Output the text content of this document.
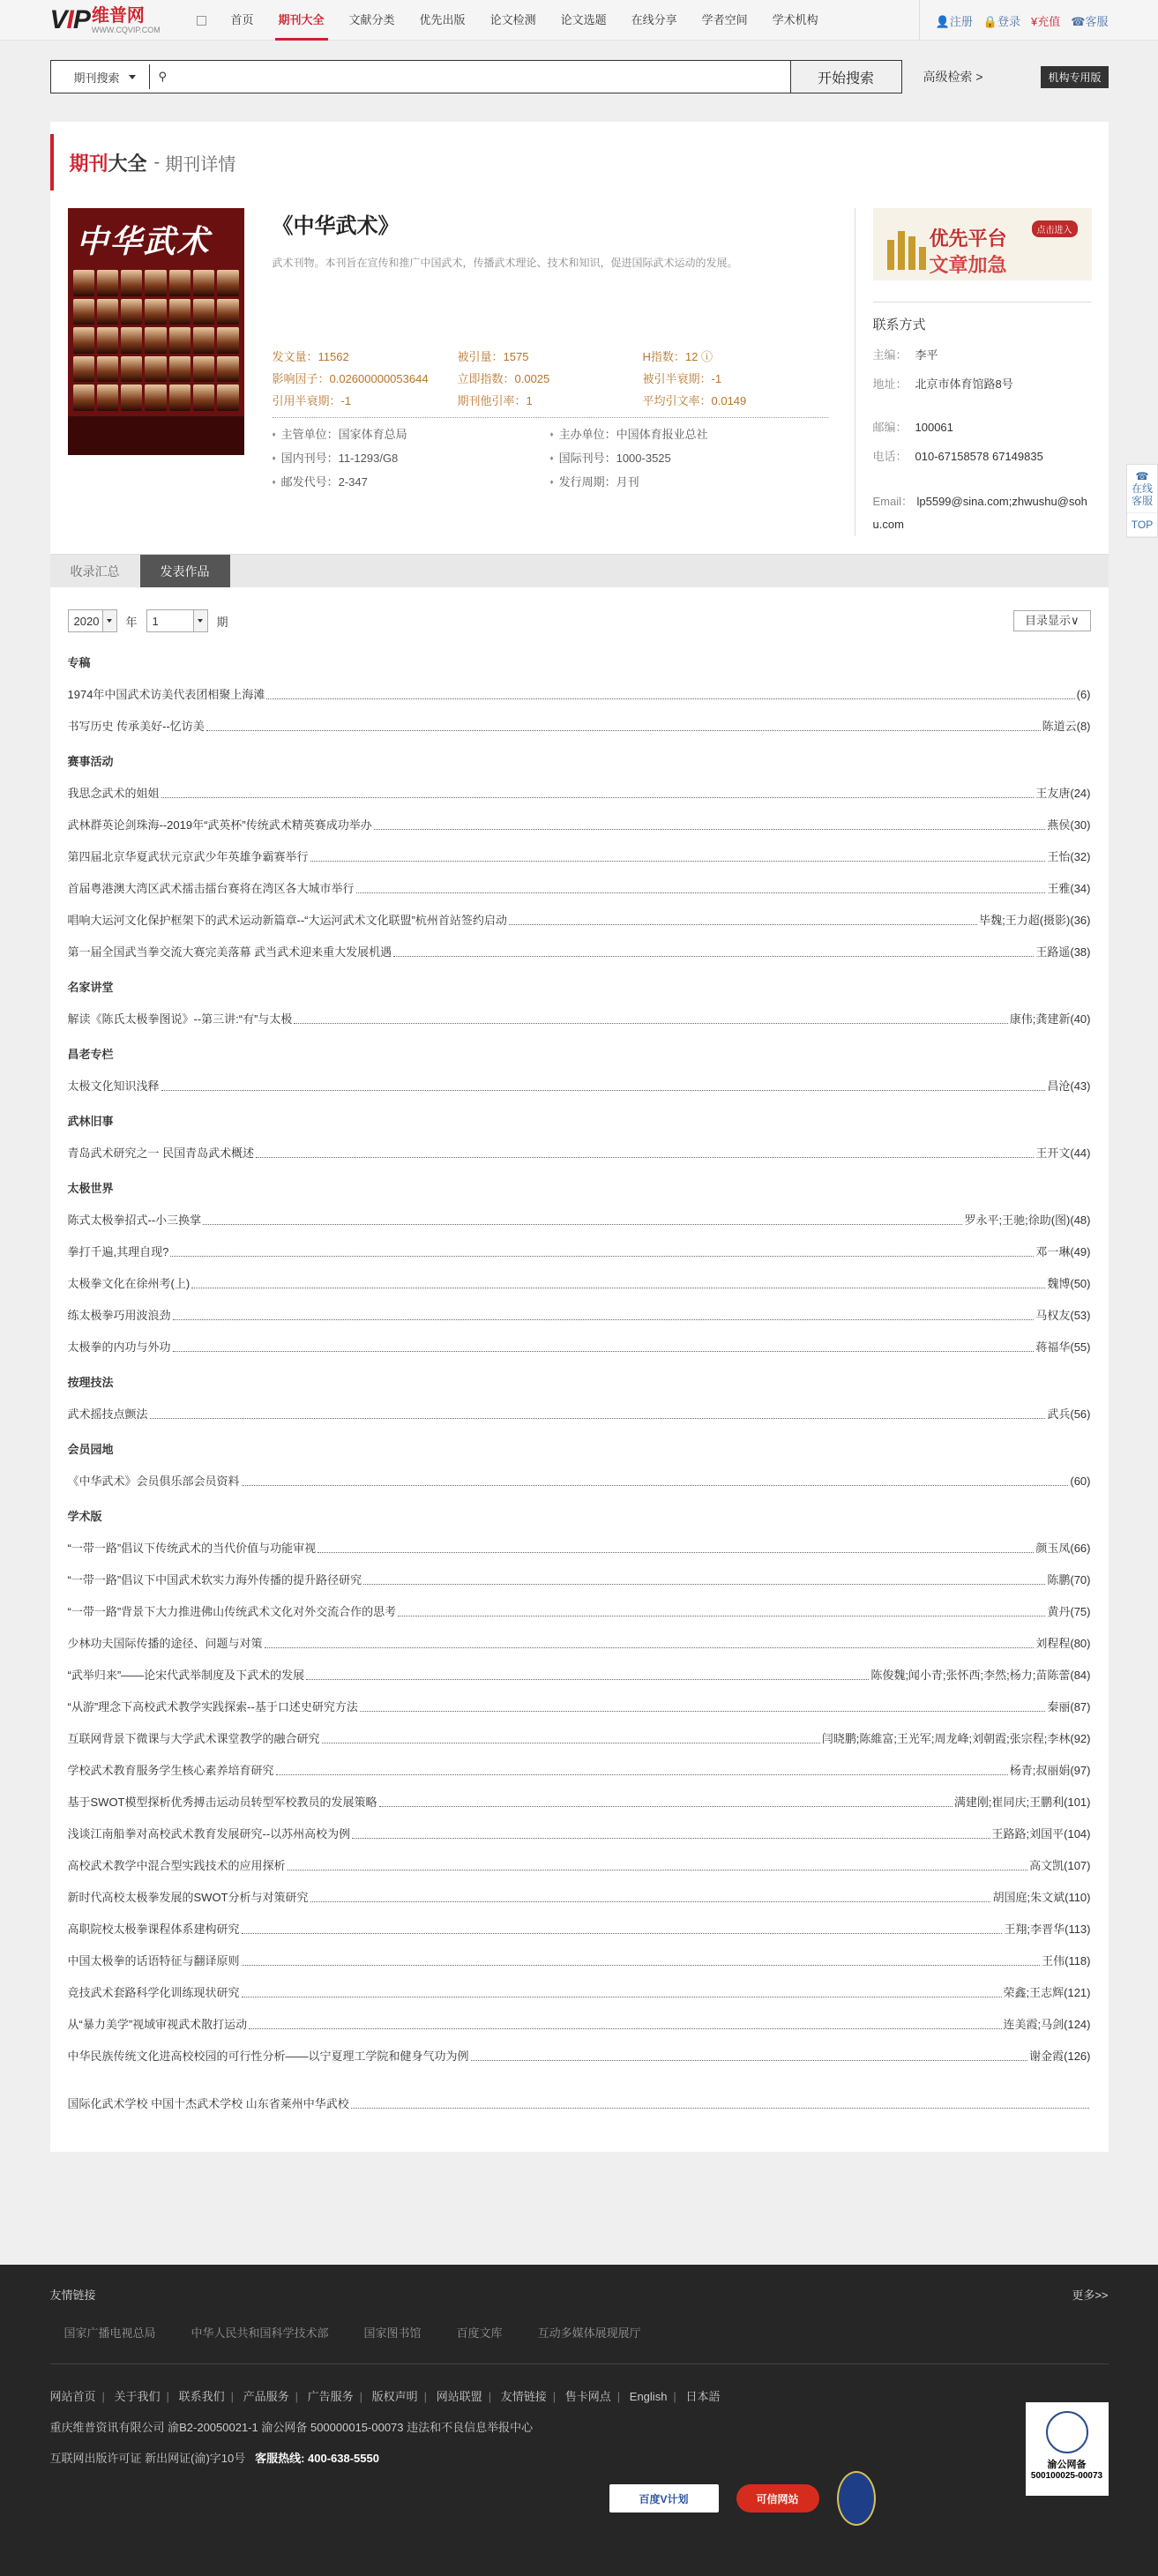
VIP 维普网
WWW.CQVIP.COM
首页	期刊大全	文献分类	优先出版	论文检测	论文选题	在线分享	学者空间	学术机构	👤注册 🔒登录 ¥充值 ☎客服
期刊搜索	⚲	开始搜索	高级检索 >	机构专用版
期刊 大全 - 期刊详情
中华武术	《中华武术》
武术刊物。本刊旨在宣传和推广中国武术，传播武术理论、技术和知识，促进国际武术运动的发展。
发文量：11562	被引量：1575	H指数：12 ⓘ
影响因子：0.02600000053644	立即指数：0.0025	被引半衰期：-1
引用半衰期：-1	期刊他引率：1	平均引文率：0.0149
♦ 主管单位：国家体育总局	♦ 主办单位：中国体育报业总社
♦ 国内刊号：11-1293/G8	♦ 国际刊号：1000-3525
♦ 邮发代号：2-347	♦ 发行周期：月刊
优先平台
文章加急
点击进入
联系方式
主编： 李平
地址： 北京市体育馆路8号
邮编： 100061
电话： 010-67158578 67149835
Email： lp5599@sina.com;zhwushu@sohu.com
收录汇总	发表作品
2020 年 1	期	目录显示∨
专稿
1974年中国武术访美代表团相聚上海滩	(6)
书写历史 传承美好--忆访美	陈道云 (8)
赛事活动
我思念武术的姐姐	王友唐 (24)
武林群英论剑珠海--2019年“武英杯”传统武术精英赛成功举办	燕侯 (30)
第四届北京华夏武状元京武少年英雄争霸赛举行	王怡 (32)
首届粤港澳大湾区武术擂击擂台赛将在湾区各大城市举行	王雅 (34)
唱响大运河文化保护框架下的武术运动新篇章--“大运河武术文化联盟”杭州首站签约启动	毕魏;王力超(摄影) (36)
第一届全国武当拳交流大赛完美落幕 武当武术迎来重大发展机遇	王路遥 (38)
名家讲堂
解读《陈氏太极拳图说》--第三讲:“有”与太极	康伟;龚建新 (40)
昌老专栏
太极文化知识浅释	昌沧 (43)
武林旧事
青岛武术研究之一 民国青岛武术概述	王开文 (44)
太极世界
陈式太极拳招式--小三换掌	罗永平;王驰;徐助(图) (48)
拳打千遍,其理自现?	邓一琳 (49)
太极拳文化在徐州考(上)	魏博 (50)
练太极拳巧用波浪劲	马权友 (53)
太极拳的内功与外功	蒋福华 (55)
按理技法
武术摇技点颤法	武兵 (56)
会员园地
《中华武术》会员俱乐部会员资料	(60)
学术版
“一带一路”倡议下传统武术的当代价值与功能审视	颜玉凤 (66)
“一带一路”倡议下中国武术软实力海外传播的提升路径研究	陈鹏 (70)
“一带一路”背景下大力推进佛山传统武术文化对外交流合作的思考	黄丹 (75)
少林功夫国际传播的途径、问题与对策	刘程程 (80)
“武举归来”——论宋代武举制度及下武术的发展	陈俊魏;闻小青;张怀西;李然;杨力;苗陈蕾 (84)
“从游”理念下高校武术教学实践探索--基于口述史研究方法	秦丽 (87)
互联网背景下微课与大学武术课堂教学的融合研究	闫晓鹏;陈維富;王光军;周龙峰;刘朝霞;张宗程;李林 (92)
学校武术教育服务学生核心素养培育研究	杨青;叔丽娟 (97)
基于SWOT模型探析优秀搏击运动员转型军校教员的发展策略	满建刚;崔同庆;王鹏利 (101)
浅谈江南船拳对高校武术教育发展研究--以苏州高校为例	王路路;刘国平 (104)
高校武术教学中混合型实践技术的应用探析	高文凯 (107)
新时代高校太极拳发展的SWOT分析与对策研究	胡国庭;朱文斌 (110)
高职院校太极拳课程体系建构研究	王翔;李晋华 (113)
中国太极拳的话语特征与翻译原则	王伟 (118)
竞技武术套路科学化训练现状研究	荣鑫;王志辉 (121)
从“暴力美学”视域审视武术散打运动	连美霞;马剑 (124)
中华民族传统文化进高校校园的可行性分析——以宁夏理工学院和健身气功为例	谢金霞 (126)
国际化武术学校 中国十杰武术学校 山东省莱州中华武校
☎
在线客服
TOP
友情链接	更多>>
国家广播电视总局	中华人民共和国科学技术部	国家图书馆	百度文库	互动多媒体展现展厅
网站首页 | 关于我们 | 联系我们 | 产品服务 | 广告服务 | 版权声明 | 网站联盟 | 友情链接 | 售卡网点 | English | 日本語
重庆维普资讯有限公司 渝B2-20050021-1 渝公网备 500000015-00073 违法和不良信息举报中心
互联网出版许可证 新出网证(渝)字10号 客服热线: 400-638-5550
百度V计划	可信网站
渝公网备
500100025-00073
